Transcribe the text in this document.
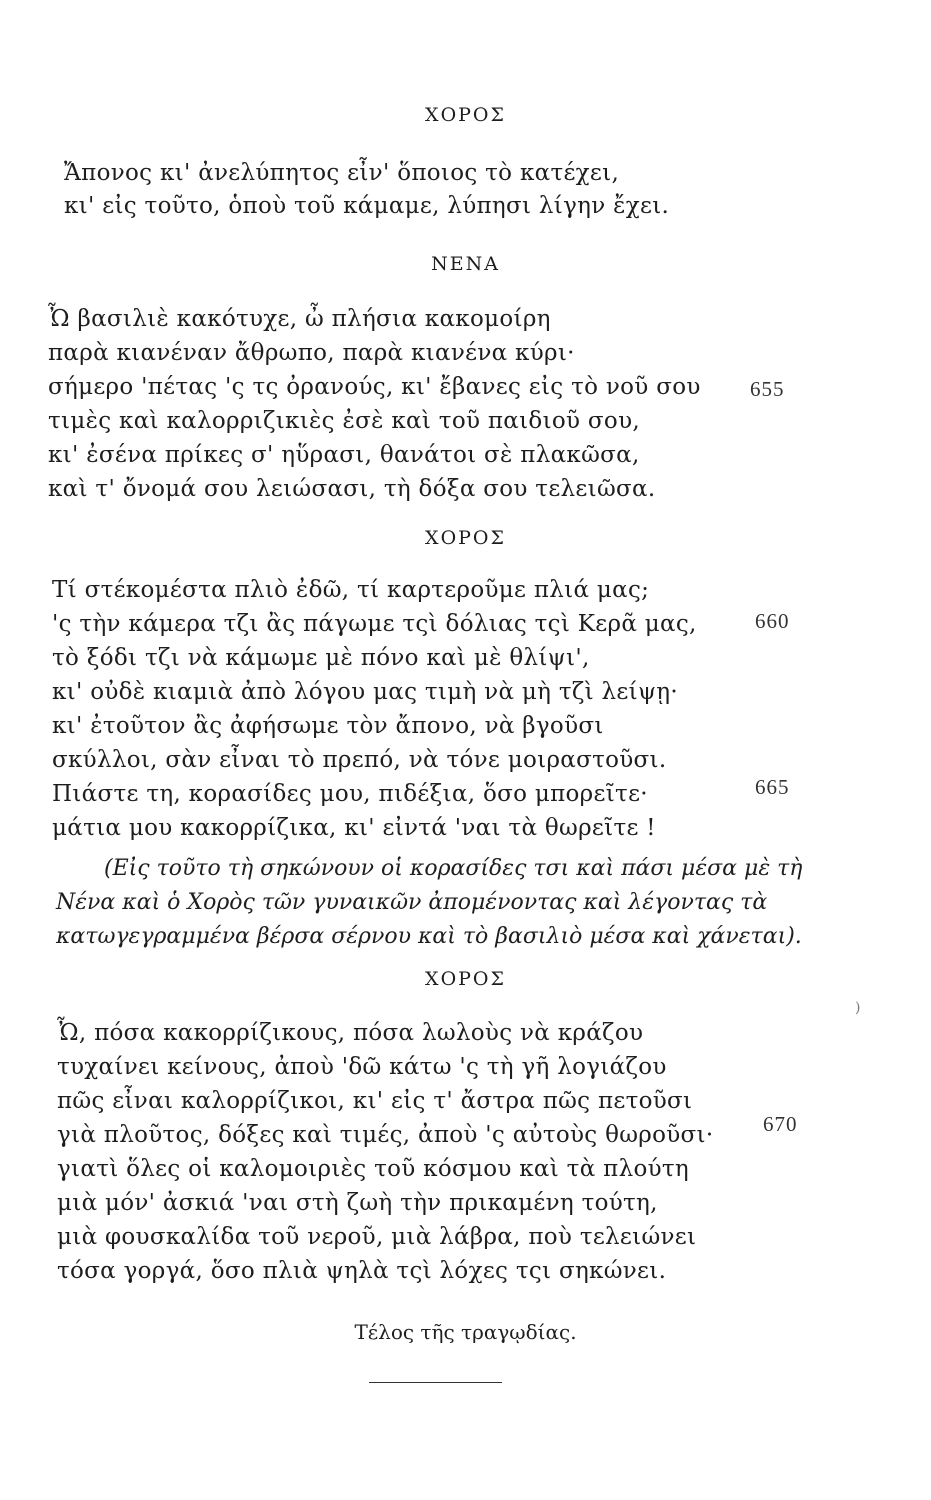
ΧΟΡΟΣ
Ἄπονος κι' ἀνελύπητος εἶν' ὅποιος τὸ κατέχει,
κι' εἰς τοῦτο, ὁποὺ τοῦ κάμαμε, λύπησι λίγην ἔχει.
ΝΕΝΑ
Ὦ βασιλιὲ κακότυχε, ὦ πλήσια κακομοίρη
παρὰ κιανέναν ἄθρωπο, παρὰ κιανένα κύρι·
σήμερο 'πέτας 'ς τς ὀρανούς, κι' ἔβανες εἰς τὸ νοῦ σου 655
τιμὲς καὶ καλορριζικιὲς ἐσὲ καὶ τοῦ παιδιοῦ σου,
κι' ἐσένα πρίκες σ' ηὕρασι, θανάτοι σὲ πλακῶσα,
καὶ τ' ὄνομά σου λειώσασι, τὴ δόξα σου τελειῶσα.
ΧΟΡΟΣ
Τί στέκομέστα πλιὸ ἐδῶ, τί καρτεροῦμε πλιά μας;
'ς τὴν κάμερα τζι ἂς πάγωμε τςὶ δόλιας τςὶ Κερᾶ μας,	660
τὸ ξόδι τζι νὰ κάμωμε μὲ πόνο καὶ μὲ θλίψι',
κι' οὐδὲ κιαμιὰ ἀπὸ λόγου μας τιμὴ νὰ μὴ τζὶ λείψῃ·
κι' ἐτοῦτον ἂς ἀφήσωμε τὸν ἄπονο, νὰ βγοῦσι
σκύλλοι, σὰν εἶναι τὸ πρεπό, νὰ τόνε μοιραστοῦσι.
Πιάστε τη, κορασίδες μου, πιδέξια, ὅσο μπορεῖτε·	665
μάτια μου κακορρίζικα, κι' εἰντά 'ναι τὰ θωρεῖτε !
(Εἰς τοῦτο τὴ σηκώνουν οἱ κορασίδες τσι καὶ πάσι μέσα μὲ τὴ
Νένα καὶ ὁ Χορὸς τῶν γυναικῶν ἀπομένοντας καὶ λέγοντας τὰ
κατωγεγραμμένα βέρσα σέρνου καὶ τὸ βασιλιὸ μέσα καὶ χάνεται).
ΧΟΡΟΣ
)
Ὦ, πόσα κακορρίζικους, πόσα λωλοὺς νὰ κράζου
τυχαίνει κείνους, ἀποὺ 'δῶ κάτω 'ς τὴ γῆ λογιάζου
πῶς εἶναι καλορρίζικοι, κι' εἰς τ' ἄστρα πῶς πετοῦσι
γιὰ πλοῦτος, δόξες καὶ τιμές, ἀποὺ 'ς αὐτοὺς θωροῦσι· 670
γιατὶ ὅλες οἱ καλομοιριὲς τοῦ κόσμου καὶ τὰ πλούτη
μιὰ μόν' ἀσκιά 'ναι στὴ ζωὴ τὴν πρικαμένη τούτη,
μιὰ φουσκαλίδα τοῦ νεροῦ, μιὰ λάβρα, ποὺ τελειώνει
τόσα γοργά, ὅσο πλιὰ ψηλὰ τςὶ λόχες τςι σηκώνει.
Τέλος τῆς τραγῳδίας.
